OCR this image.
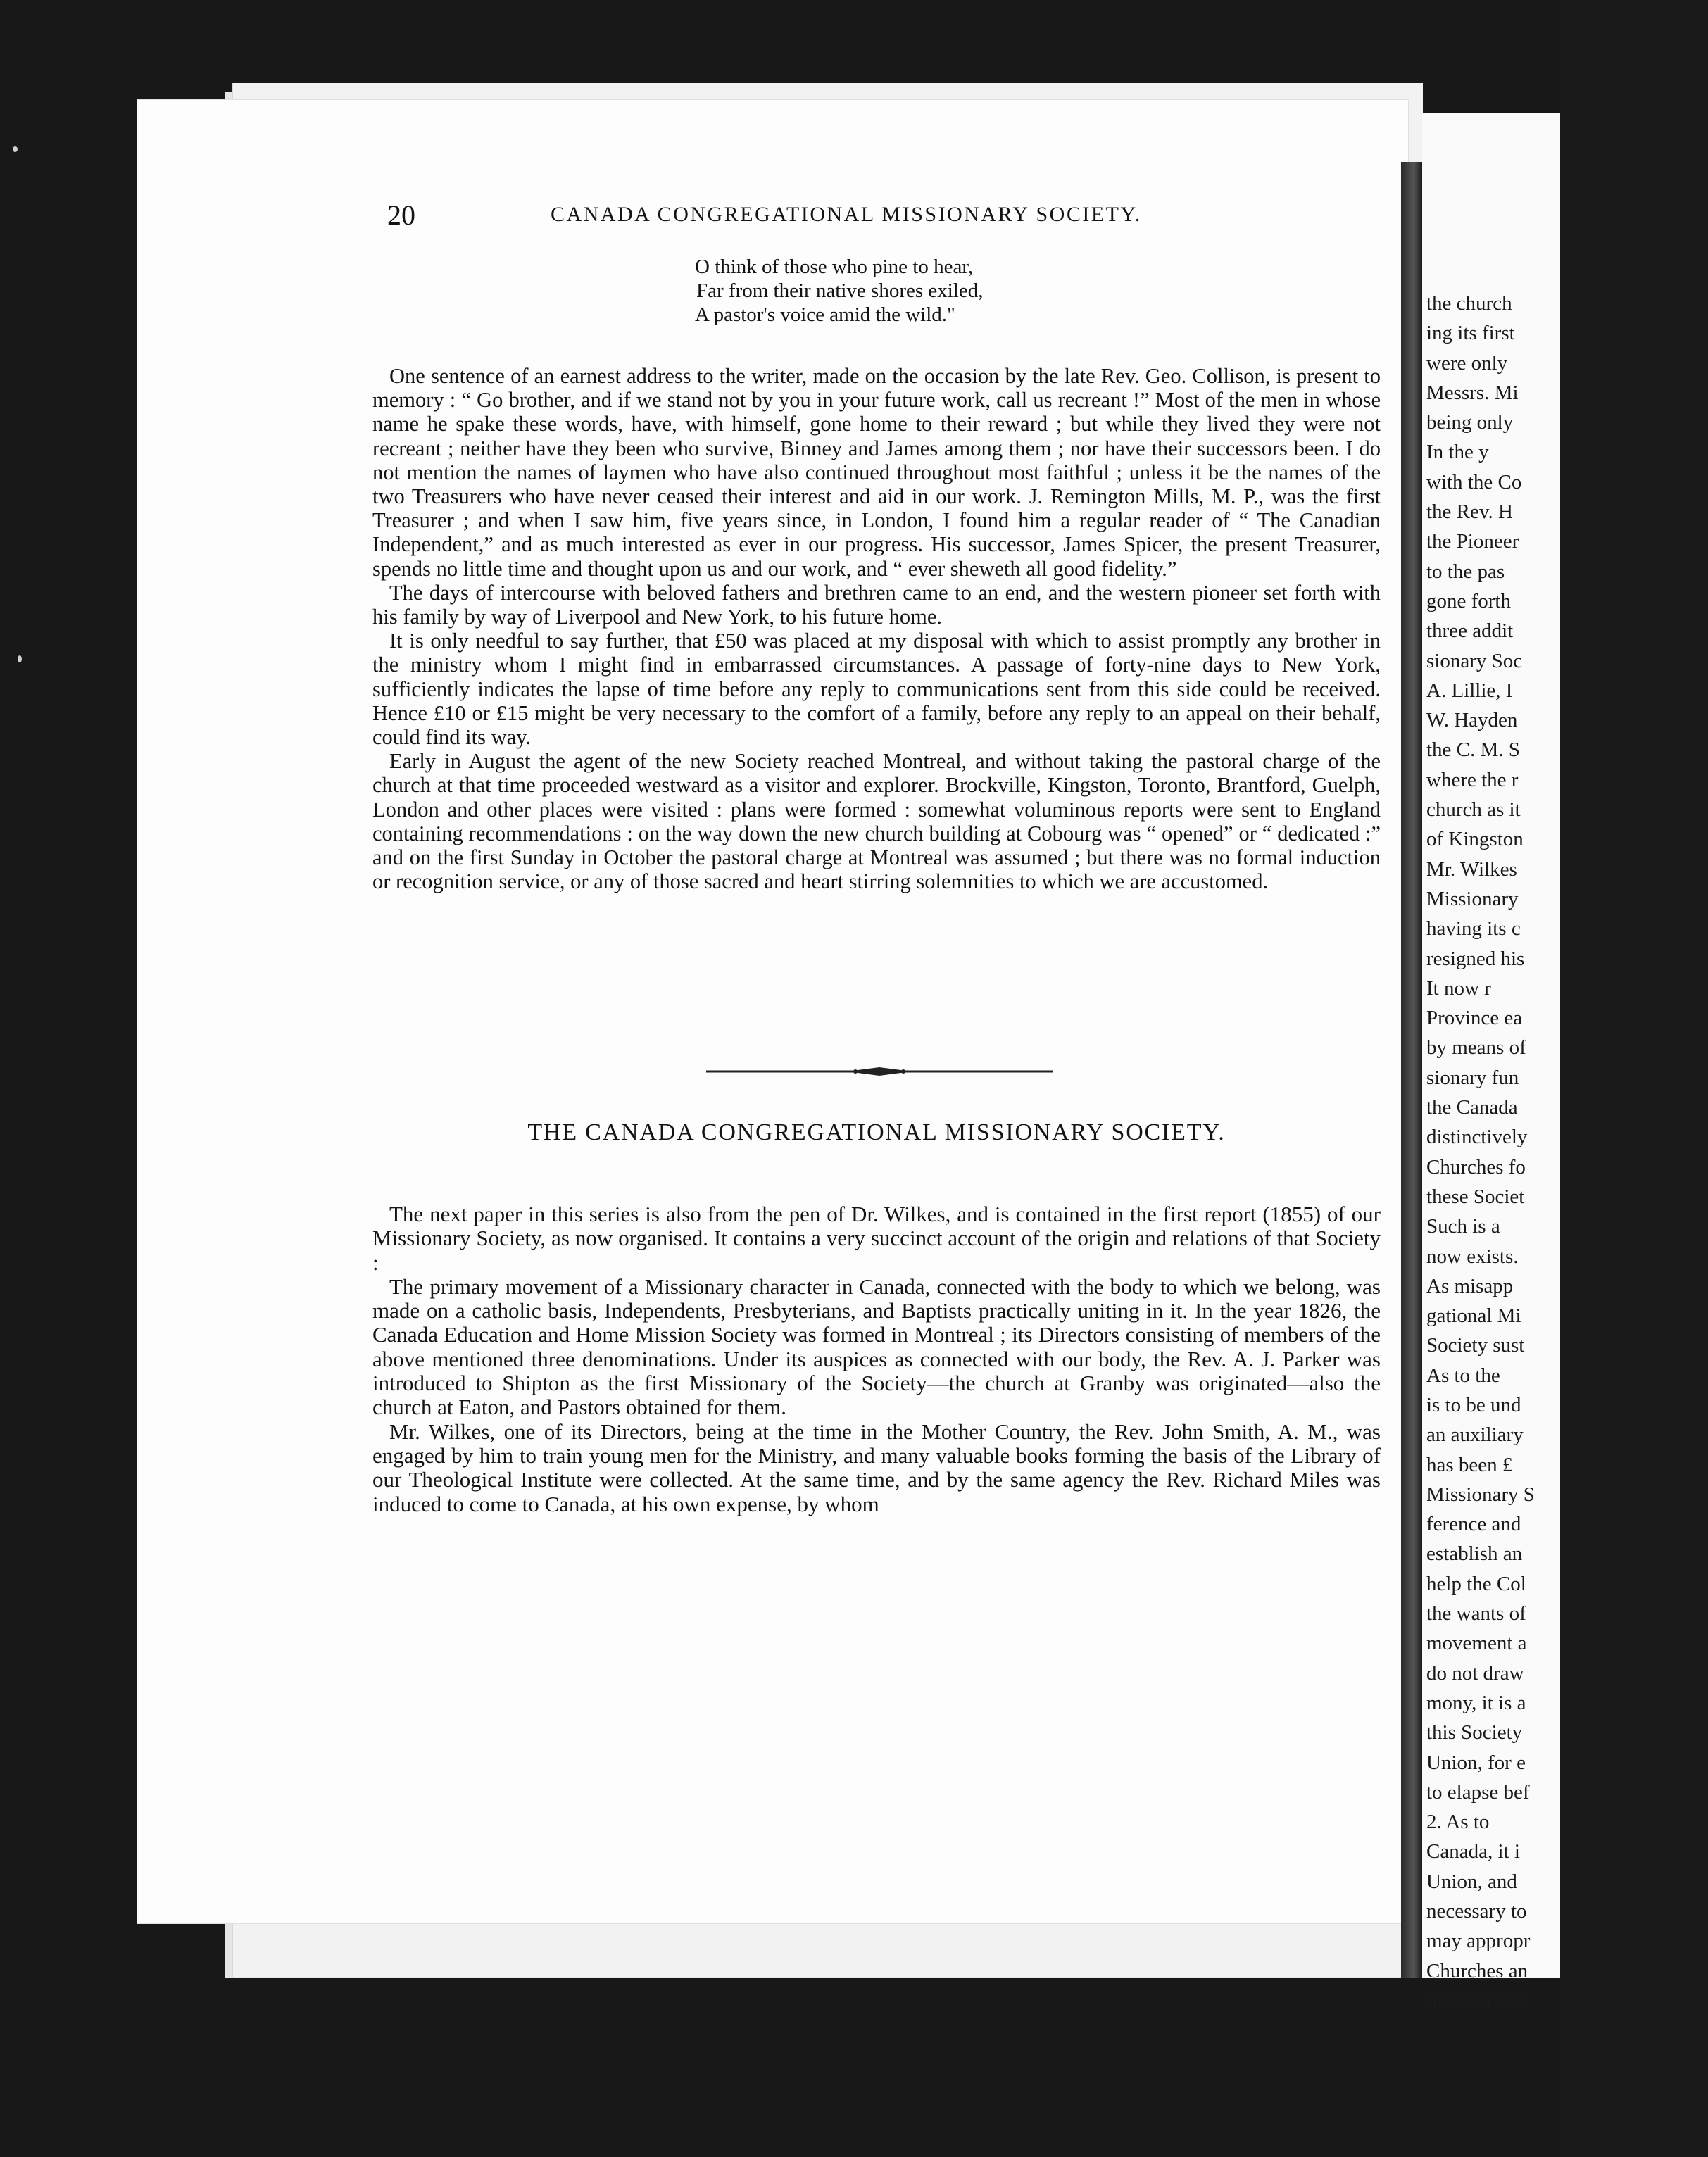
the church
ing its first
were only
Messrs. Mi
being only
In the y
with the Co
the Rev. H
the Pioneer
to the pas
gone forth
three addit
sionary Soc
A. Lillie, I
W. Hayden
the C. M. S
where the r
church as it
of Kingston
Mr. Wilkes
Missionary
having its c
resigned his
It now r
Province ea
by means of
sionary fun
the Canada
distinctively
Churches fo
these Societ
Such is a
now exists.
As misapp
gational Mi
Society sust
As to the
is to be und
an auxiliary
has been £
Missionary S
ference and
establish an
help the Col
the wants of
movement a
do not draw
mony, it is a
this Society
Union, for e
to elapse bef
2. As to
Canada, it i
Union, and
necessary to
may appropr
Churches an
members of
20	CANADA CONGREGATIONAL MISSIONARY SOCIETY.
O think of those who pine to hear,
Far from their native shores exiled,
A pastor's voice amid the wild."

One sentence of an earnest address to the writer, made on the occasion by the late Rev. Geo. Collison, is present to memory : “ Go brother, and if we stand not by you in your future work, call us recreant !” Most of the men in whose name he spake these words, have, with himself, gone home to their reward ; but while they lived they were not recreant ; neither have they been who survive, Binney and James among them ; nor have their successors been. I do not mention the names of laymen who have also continued throughout most faithful ; unless it be the names of the two Treasurers who have never ceased their interest and aid in our work. J. Remington Mills, M. P., was the first Treasurer ; and when I saw him, five years since, in London, I found him a regular reader of “ The Canadian Independent,” and as much interested as ever in our progress. His successor, James Spicer, the present Treasurer, spends no little time and thought upon us and our work, and “ ever sheweth all good fidelity.”

The days of intercourse with beloved fathers and brethren came to an end, and the western pioneer set forth with his family by way of Liverpool and New York, to his future home.

It is only needful to say further, that £50 was placed at my disposal with which to assist promptly any brother in the ministry whom I might find in embarrassed circumstances. A passage of forty-nine days to New York, sufficiently indicates the lapse of time before any reply to communications sent from this side could be received. Hence £10 or £15 might be very necessary to the comfort of a family, before any reply to an appeal on their behalf, could find its way.

Early in August the agent of the new Society reached Montreal, and without taking the pastoral charge of the church at that time proceeded westward as a visitor and explorer. Brockville, Kingston, Toronto, Brantford, Guelph, London and other places were visited : plans were formed : somewhat voluminous reports were sent to England containing recommendations : on the way down the new church building at Cobourg was “ opened” or “ dedicated :” and on the first Sunday in October the pastoral charge at Montreal was assumed ; but there was no formal induction or recognition service, or any of those sacred and heart stirring solemnities to which we are accustomed.

THE CANADA CONGREGATIONAL MISSIONARY SOCIETY.

The next paper in this series is also from the pen of Dr. Wilkes, and is contained in the first report (1855) of our Missionary Society, as now organised. It contains a very succinct account of the origin and relations of that Society :

The primary movement of a Missionary character in Canada, connected with the body to which we belong, was made on a catholic basis, Independents, Presbyterians, and Baptists practically uniting in it. In the year 1826, the Canada Education and Home Mission Society was formed in Montreal ; its Directors consisting of members of the above mentioned three denominations. Under its auspices as connected with our body, the Rev. A. J. Parker was introduced to Shipton as the first Missionary of the Society—the church at Granby was originated—also the church at Eaton, and Pastors obtained for them.

Mr. Wilkes, one of its Directors, being at the time in the Mother Country, the Rev. John Smith, A. M., was engaged by him to train young men for the Ministry, and many valuable books forming the basis of the Library of our Theological Institute were collected. At the same time, and by the same agency the Rev. Richard Miles was induced to come to Canada, at his own expense, by whom
